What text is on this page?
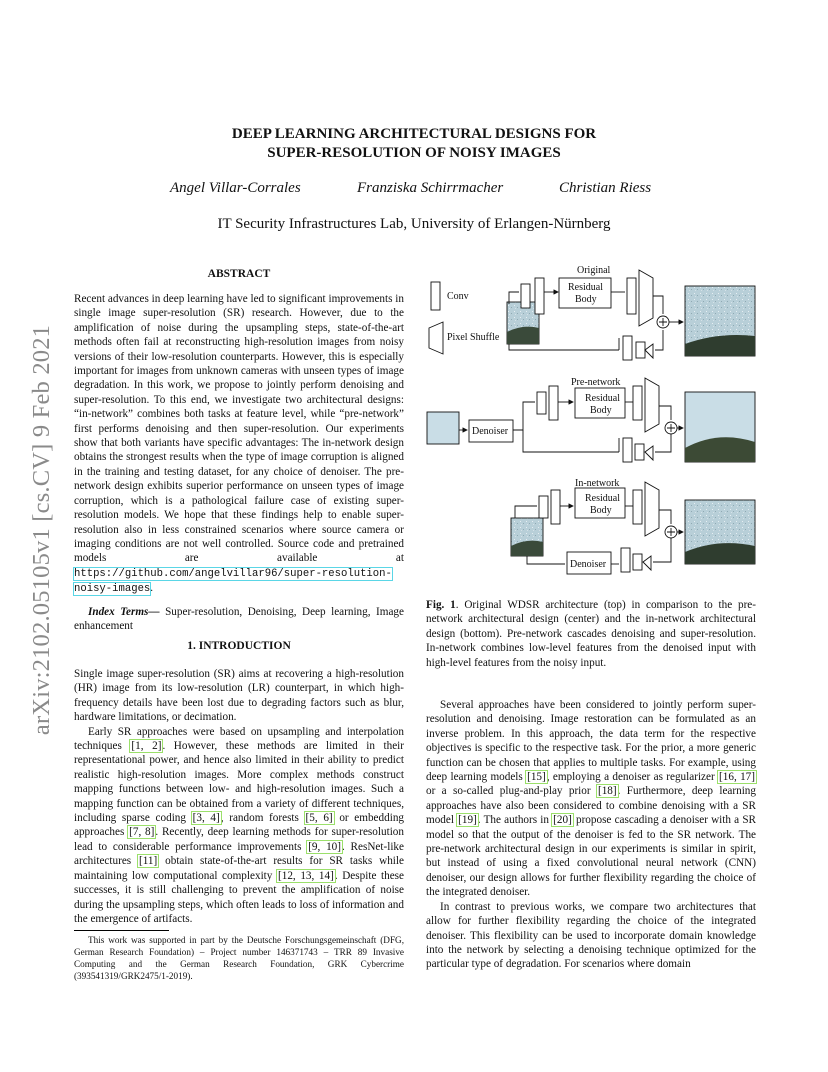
arXiv:2102.05105v1 [cs.CV] 9 Feb 2021
DEEP LEARNING ARCHITECTURAL DESIGNS FOR
SUPER-RESOLUTION OF NOISY IMAGES
Angel Villar-Corrales	Franziska Schirrmacher	Christian Riess
IT Security Infrastructures Lab, University of Erlangen-Nürnberg
ABSTRACT

Recent advances in deep learning have led to significant improvements in single image super-resolution (SR) research. However, due to the amplification of noise during the upsampling steps, state-of-the-art methods often fail at reconstructing high-resolution images from noisy versions of their low-resolution counterparts. However, this is especially important for images from unknown cameras with unseen types of image degradation. In this work, we propose to jointly perform denoising and super-resolution. To this end, we investigate two architectural designs: “in-network” combines both tasks at feature level, while “pre-network” first performs denoising and then super-resolution. Our experiments show that both variants have specific advantages: The in-network design obtains the strongest results when the type of image corruption is aligned in the training and testing dataset, for any choice of denoiser. The pre-network design exhibits superior performance on unseen types of image corruption, which is a pathological failure case of existing super-resolution models. We hope that these findings help to enable super-resolution also in less constrained scenarios where source camera or imaging conditions are not well controlled. Source code and pretrained models are available at https://github.com/angelvillar96/super-resolution-noisy-images.

Index Terms— Super-resolution, Denoising, Deep learning, Image enhancement

1. INTRODUCTION

Single image super-resolution (SR) aims at recovering a high-resolution (HR) image from its low-resolution (LR) counterpart, in which high-frequency details have been lost due to degrading factors such as blur, hardware limitations, or decimation.

Early SR approaches were based on upsampling and interpolation techniques [1, 2]. However, these methods are limited in their representational power, and hence also limited in their ability to predict realistic high-resolution images. More complex methods construct mapping functions between low- and high-resolution images. Such a mapping function can be obtained from a variety of different techniques, including sparse coding [3, 4], random forests [5, 6] or embedding approaches [7, 8]. Recently, deep learning methods for super-resolution lead to considerable performance improvements [9, 10]. ResNet-like architectures [11] obtain state-of-the-art results for SR tasks while maintaining low computational complexity [12, 13, 14]. Despite these successes, it is still challenging to prevent the amplification of noise during the upsampling steps, which often leads to loss of information and the emergence of artifacts.

This work was supported in part by the Deutsche Forschungsgemeinschaft (DFG, German Research Foundation) – Project number 146371743 – TRR 89 Invasive Computing and the German Research Foundation, GRK Cybercrime (393541319/GRK2475/1-2019).

Conv
Pixel Shuffle
Original
Residual
Body
Pre-network
Residual
Body
Denoiser
In-network
Residual
Body
Denoiser
Fig. 1. Original WDSR architecture (top) in comparison to the pre-network architectural design (center) and the in-network architectural design (bottom). Pre-network cascades denoising and super-resolution. In-network combines low-level features from the denoised input with high-level features from the noisy input.

Several approaches have been considered to jointly perform super-resolution and denoising. Image restoration can be formulated as an inverse problem. In this approach, the data term for the respective objectives is specific to the respective task. For the prior, a more generic function can be chosen that applies to multiple tasks. For example, using deep learning models [15], employing a denoiser as regularizer [16, 17] or a so-called plug-and-play prior [18]. Furthermore, deep learning approaches have also been considered to combine denoising with a SR model [19]. The authors in [20] propose cascading a denoiser with a SR model so that the output of the denoiser is fed to the SR network. The pre-network architectural design in our experiments is similar in spirit, but instead of using a fixed convolutional neural network (CNN) denoiser, our design allows for further flexibility regarding the choice of the integrated denoiser.

In contrast to previous works, we compare two architectures that allow for further flexibility regarding the choice of the integrated denoiser. This flexibility can be used to incorporate domain knowledge into the network by selecting a denoising technique optimized for the particular type of degradation. For scenarios where domain
